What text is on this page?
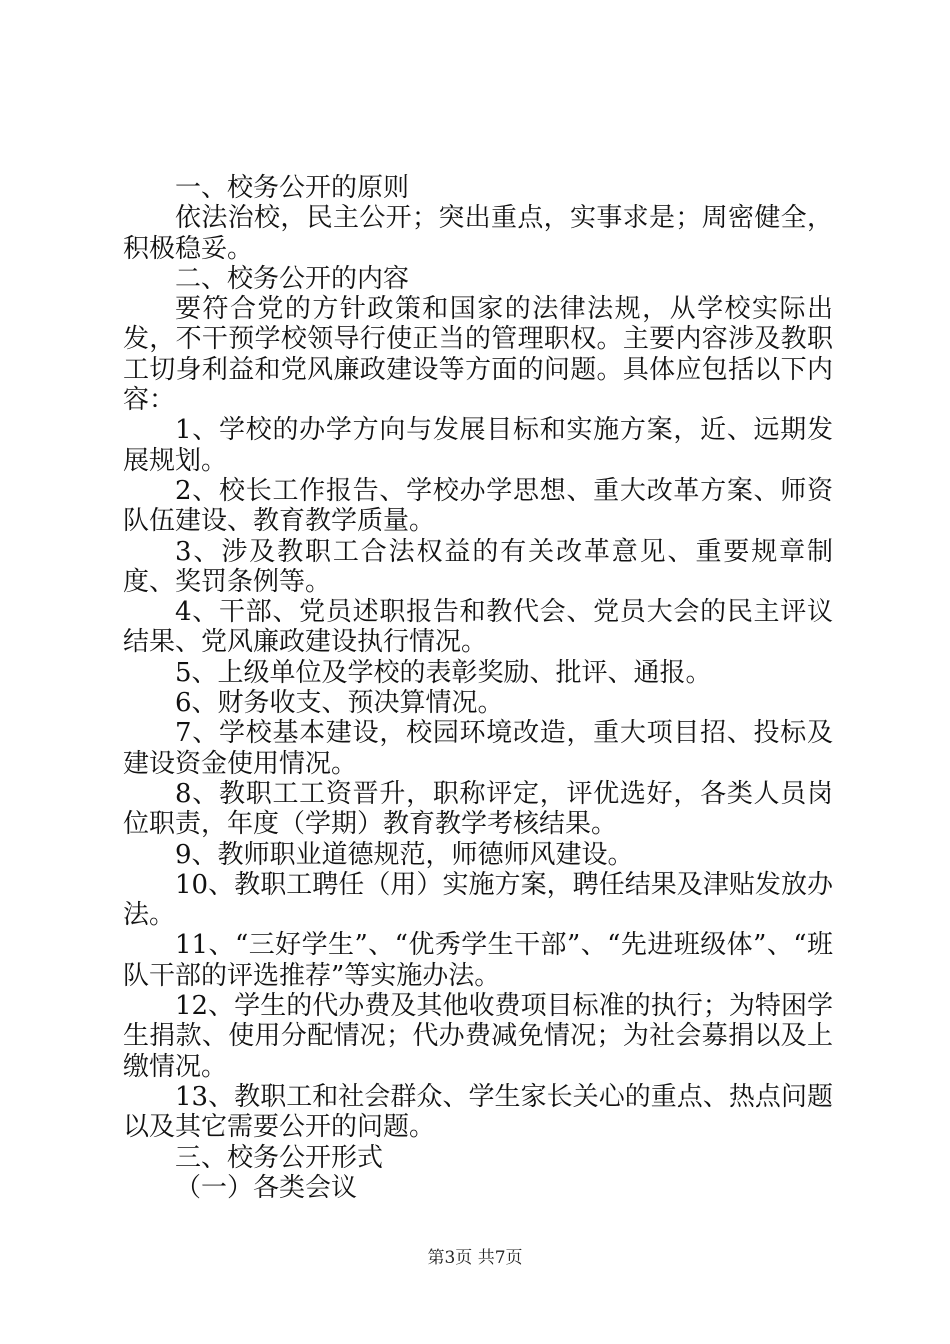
一、校务公开的原则

依法治校，民主公开；突出重点，实事求是；周密健全，积极稳妥。

二、校务公开的内容

要符合党的方针政策和国家的法律法规，从学校实际出发，不干预学校领导行使正当的管理职权。主要内容涉及教职工切身利益和党风廉政建设等方面的问题。具体应包括以下内容：

1、学校的办学方向与发展目标和实施方案，近、远期发展规划。

2、校长工作报告、学校办学思想、重大改革方案、师资队伍建设、教育教学质量。

3、涉及教职工合法权益的有关改革意见、重要规章制度、奖罚条例等。

4、干部、党员述职报告和教代会、党员大会的民主评议结果、党风廉政建设执行情况。

5、上级单位及学校的表彰奖励、批评、通报。

6、财务收支、预决算情况。

7、学校基本建设，校园环境改造，重大项目招、投标及建设资金使用情况。

8、教职工工资晋升，职称评定，评优选好，各类人员岗位职责，年度（学期）教育教学考核结果。

9、教师职业道德规范，师德师风建设。

10、教职工聘任（用）实施方案，聘任结果及津贴发放办法。

11、“三好学生”、“优秀学生干部”、“先进班级体”、“班队干部的评选推荐”等实施办法。

12、学生的代办费及其他收费项目标准的执行；为特困学生捐款、使用分配情况；代办费减免情况；为社会募捐以及上缴情况。

13、教职工和社会群众、学生家长关心的重点、热点问题以及其它需要公开的问题。

三、校务公开形式

（一）各类会议

第3页 共7页
